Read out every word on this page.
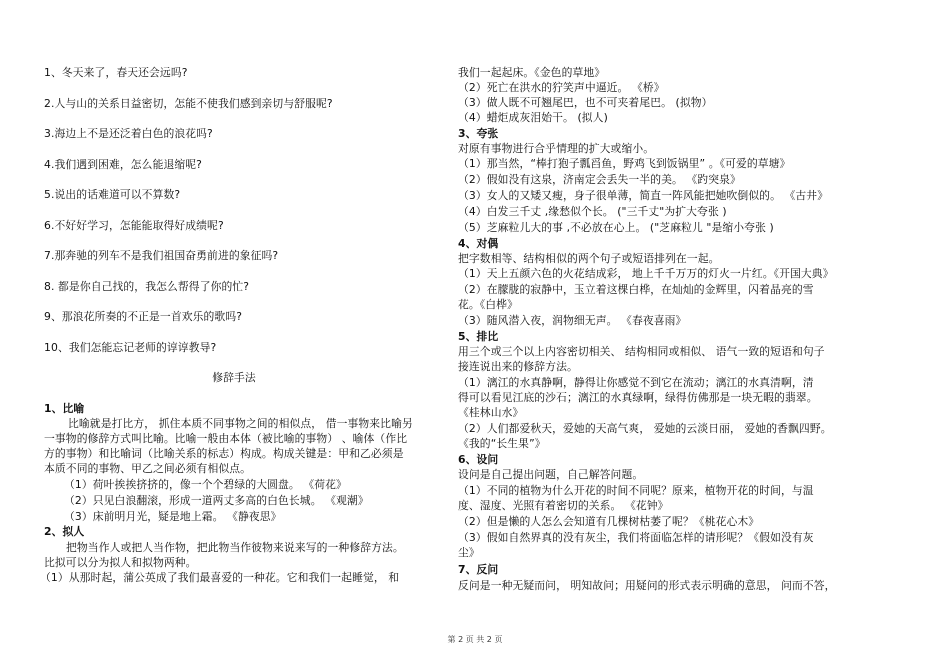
1、冬天来了，春天还会远吗?
2.人与山的关系日益密切，怎能不使我们感到亲切与舒服呢?
3.海边上不是还泛着白色的浪花吗?
4.我们遇到困难，怎么能退缩呢?
5.说出的话难道可以不算数?
6.不好好学习，怎能能取得好成绩呢?
7.那奔驰的列车不是我们祖国奋勇前进的象征吗?
8. 都是你自己找的，我怎么帮得了你的忙?
9、那浪花所奏的不正是一首欢乐的歌吗?
10、我们怎能忘记老师的谆谆教导?
修辞手法
1、比喻
比喻就是打比方， 抓住本质不同事物之间的相似点， 借一事物来比喻另
一事物的修辞方式叫比喻。比喻一般由本体（被比喻的事物） 、喻体（作比
方的事物）和比喻词（比喻关系的标志）构成。构成关键是：甲和乙必须是
本质不同的事物、甲乙之间必须有相似点。
（1）荷叶挨挨挤挤的，像一个个碧绿的大圆盘。 《荷花》
（2）只见白浪翻滚，形成一道两丈多高的白色长城。 《观潮》
（3）床前明月光，疑是地上霜。 《静夜思》
2、拟人
把物当作人或把人当作物，把此物当作彼物来说来写的一种修辞方法。
比拟可以分为拟人和拟物两种。
（1）从那时起，蒲公英成了我们最喜爱的一种花。它和我们一起睡觉， 和
我们一起起床。《金色的草地》
（2）死亡在洪水的狞笑声中逼近。 《桥》
（3）做人既不可翘尾巴，也不可夹着尾巴。 (拟物）
（4）蜡炬成灰泪始干。 (拟人)
3、夸张
对原有事物进行合乎情理的扩大或缩小。
（1）那当然，“棒打狍子瓢舀鱼，野鸡飞到饭锅里” 。《可爱的草塘》
（2）假如没有这泉，济南定会丢失一半的美。 《趵突泉》
（3）女人的又矮又瘦，身子很单薄，简直一阵风能把她吹倒似的。 《古井》
（4）白发三千丈 ,缘愁似个长。 ("三千丈"为扩大夸张 )
（5）芝麻粒儿大的事 ,不必放在心上。 ("芝麻粒儿 "是缩小夸张 )
4、对偶
把字数相等、结构相似的两个句子或短语排列在一起。
（1）天上五颜六色的火花结成彩， 地上千千万万的灯火一片红。《开国大典》
（2）在朦胧的寂静中，玉立着这棵白桦，在灿灿的金辉里，闪着晶亮的雪
花。《白桦》
（3）随风潜入夜，润物细无声。 《春夜喜雨》
5、排比
用三个或三个以上内容密切相关、 结构相同或相似、 语气一致的短语和句子
接连说出来的修辞方法。
（1）漓江的水真静啊，静得让你感觉不到它在流动；漓江的水真清啊，清
得可以看见江底的沙石；漓江的水真绿啊，绿得仿佛那是一块无暇的翡翠。
《桂林山水》
（2）人们都爱秋天，爱她的天高气爽， 爱她的云淡日丽， 爱她的香飘四野。
《我的“长生果”》
6、设问
设问是自己提出问题，自己解答问题。
（1）不同的植物为什么开花的时间不同呢？原来，植物开花的时间，与温
度、湿度、光照有着密切的关系。 《花钟》
（2）但是懒的人怎么会知道有几棵树枯萎了呢？《桃花心木》
（3）假如自然界真的没有灰尘，我们将面临怎样的请形呢？《假如没有灰
尘》
7、反问
反问是一种无疑而问， 明知故问；用疑问的形式表示明确的意思， 问而不答，
第 2 页 共 2 页
